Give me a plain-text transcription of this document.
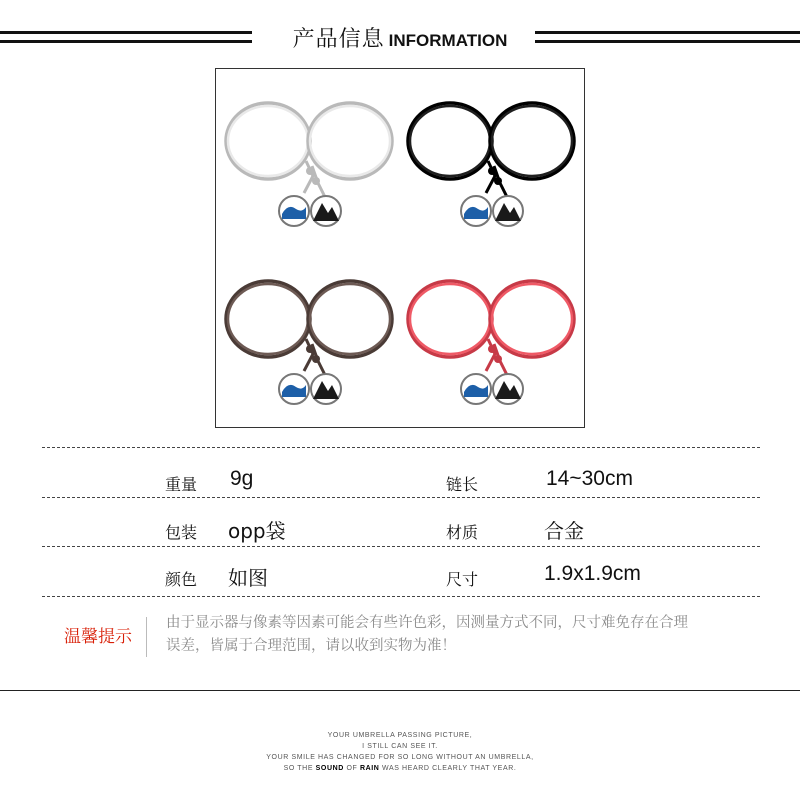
产品信息 INFORMATION
重量 9g	链长	14~30cm
包装 opp袋	材质	合金
颜色 如图	尺寸	1.9x1.9cm
温馨提示
由于显示器与像素等因素可能会有些许色彩，因测量方式不同，尺寸难免存在合理
误差，皆属于合理范围，请以收到实物为准！
YOUR UMBRELLA PASSING PICTURE,
I STILL CAN SEE IT.
YOUR SMILE HAS CHANGED FOR SO LONG WITHOUT AN UMBRELLA,
SO THE SOUND OF RAIN WAS HEARD CLEARLY THAT YEAR.
